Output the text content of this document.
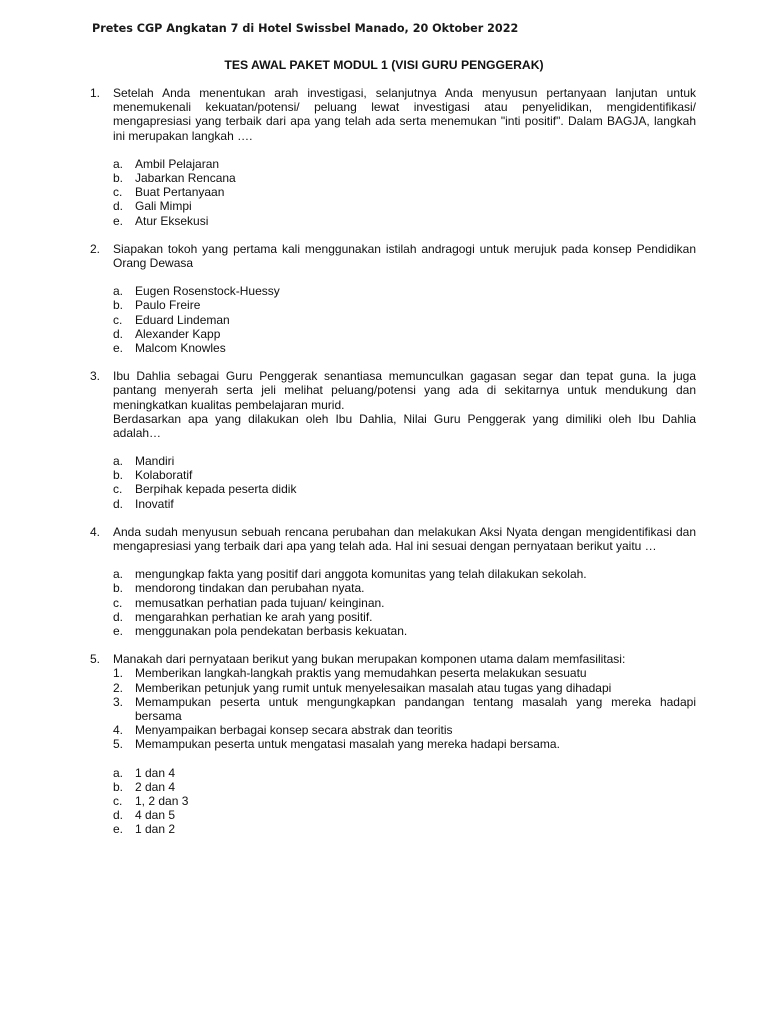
Pretes CGP Angkatan 7 di Hotel Swissbel Manado, 20 Oktober 2022
TES AWAL PAKET MODUL 1 (VISI GURU PENGGERAK)
1.	Setelah Anda menentukan arah investigasi, selanjutnya Anda menyusun pertanyaan lanjutan untuk menemukenali kekuatan/potensi/ peluang lewat investigasi atau penyelidikan, mengidentifikasi/ mengapresiasi yang terbaik dari apa yang telah ada serta menemukan "inti positif". Dalam BAGJA, langkah ini merupakan langkah ….
a. Ambil Pelajaran
b. Jabarkan Rencana
c.	Buat Pertanyaan
d. Gali Mimpi
e. Atur Eksekusi
2.	Siapakan tokoh yang pertama kali menggunakan istilah andragogi untuk merujuk pada konsep Pendidikan Orang Dewasa
a. Eugen Rosenstock-Huessy
b. Paulo Freire
c.	Eduard Lindeman
d. Alexander Kapp
e. Malcom Knowles
3.	Ibu Dahlia sebagai Guru Penggerak senantiasa memunculkan gagasan segar dan tepat guna. Ia juga pantang menyerah serta jeli melihat peluang/potensi yang ada di sekitarnya untuk mendukung dan meningkatkan kualitas pembelajaran murid.
Berdasarkan apa yang dilakukan oleh Ibu Dahlia, Nilai Guru Penggerak yang dimiliki oleh Ibu Dahlia adalah…
a. Mandiri
b. Kolaboratif
c.	Berpihak kepada peserta didik
d. Inovatif
4.	Anda sudah menyusun sebuah rencana perubahan dan melakukan Aksi Nyata dengan mengidentifikasi dan mengapresiasi yang terbaik dari apa yang telah ada. Hal ini sesuai dengan pernyataan berikut yaitu …
a. mengungkap fakta yang positif dari anggota komunitas yang telah dilakukan sekolah.
b. mendorong tindakan dan perubahan nyata.
c.	memusatkan perhatian pada tujuan/ keinginan.
d. mengarahkan perhatian ke arah yang positif.
e. menggunakan pola pendekatan berbasis kekuatan.
5.	Manakah dari pernyataan berikut yang bukan merupakan komponen utama dalam memfasilitasi:
1. Memberikan langkah-langkah praktis yang memudahkan peserta melakukan sesuatu
2. Memberikan petunjuk yang rumit untuk menyelesaikan masalah atau tugas yang dihadapi
3. Memampukan peserta untuk mengungkapkan pandangan tentang masalah yang mereka hadapi bersama
4. Menyampaikan berbagai konsep secara abstrak dan teoritis
5. Memampukan peserta untuk mengatasi masalah yang mereka hadapi bersama.
a. 1 dan 4
b. 2 dan 4
c.	1, 2 dan 3
d. 4 dan 5
e. 1 dan 2
